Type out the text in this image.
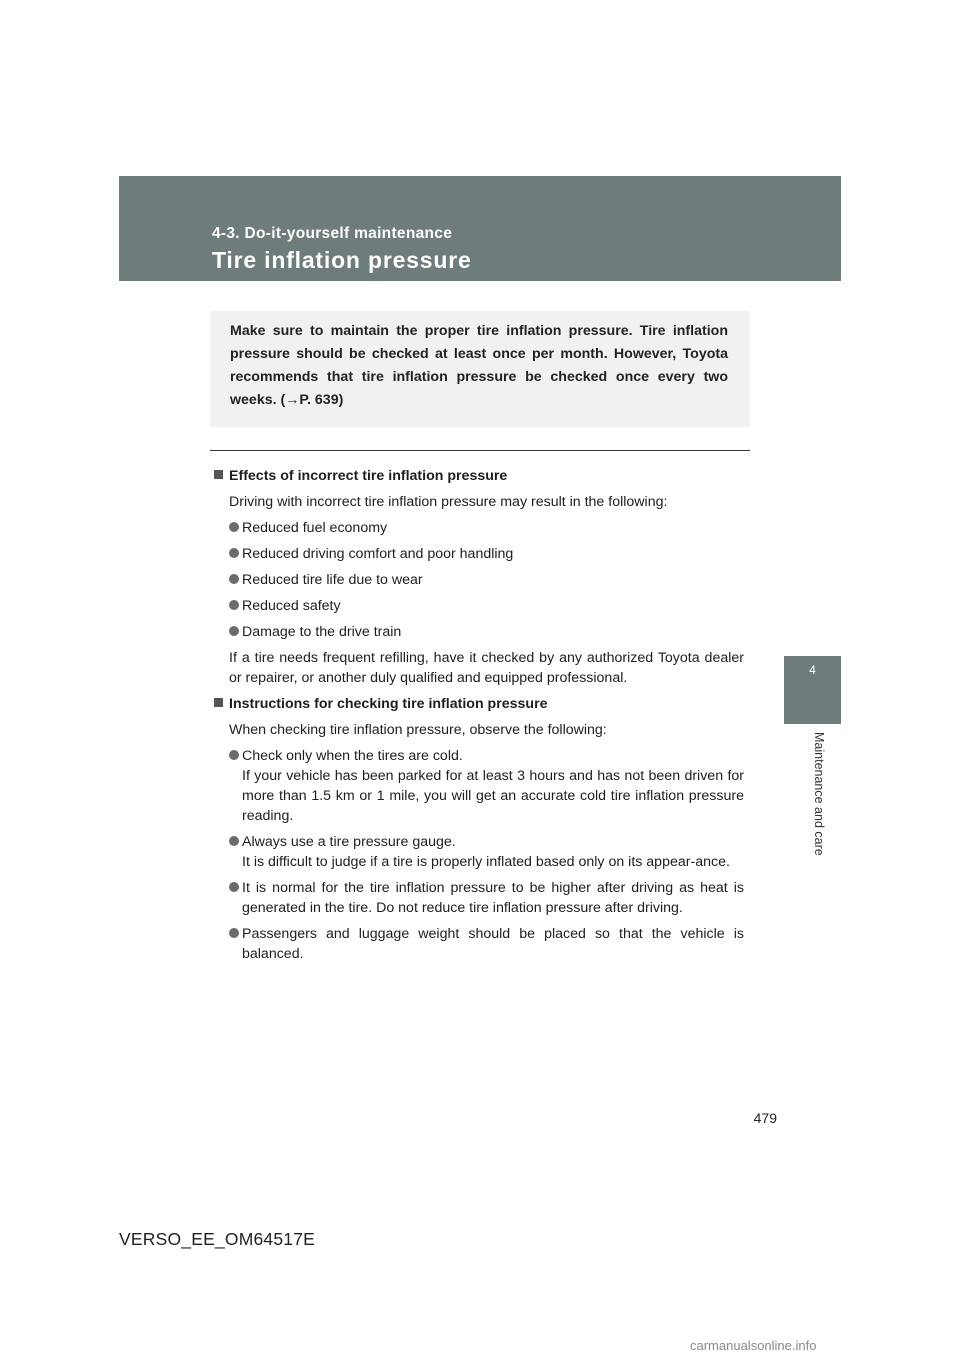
4-3. Do-it-yourself maintenance
Tire inflation pressure
4
Maintenance and care

Make sure to maintain the proper tire inflation pressure. Tire inflation pressure should be checked at least once per month. However, Toyota recommends that tire inflation pressure be checked once every two weeks. (→P. 639)

Effects of incorrect tire inflation pressure

Driving with incorrect tire inflation pressure may result in the following:

Reduced fuel economy
Reduced driving comfort and poor handling
Reduced tire life due to wear
Reduced safety
Damage to the drive train

If a tire needs frequent refilling, have it checked by any authorized Toyota dealer or repairer, or another duly qualified and equipped professional.

Instructions for checking tire inflation pressure

When checking tire inflation pressure, observe the following:

Check only when the tires are cold.
If your vehicle has been parked for at least 3 hours and has not been driven for more than 1.5 km or 1 mile, you will get an accurate cold tire inflation pressure reading.
Always use a tire pressure gauge.
It is difficult to judge if a tire is properly inflated based only on its appear-ance.
It is normal for the tire inflation pressure to be higher after driving as heat is generated in the tire. Do not reduce tire inflation pressure after driving.
Passengers and luggage weight should be placed so that the vehicle is balanced.
479
VERSO_EE_OM64517E
carmanualsonline.info
